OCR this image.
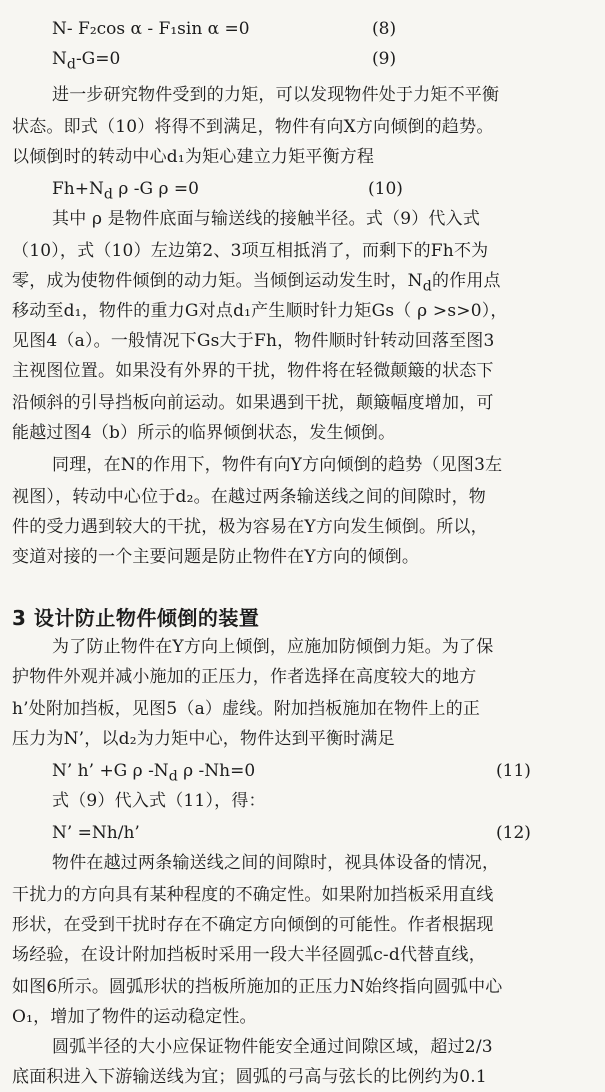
N- F₂cos α - F₁sin α =0	(8)
$N_d-G=0$	(9)
进一步研究物件受到的力矩，可以发现物件处于力矩不平衡
状态。即式（10）将得不到满足，物件有向X方向倾倒的趋势。
以倾倒时的转动中心d₁为矩心建立力矩平衡方程
$Fh+N_d$ ρ -G ρ =0	(10)
其中 ρ 是物件底面与输送线的接触半径。式（9）代入式
（10），式（10）左边第2、3项互相抵消了，而剩下的Fh不为
零，成为使物件倾倒的动力矩。当倾倒运动发生时，$N_d$的作用点
移动至d₁，物件的重力G对点d₁产生顺时针力矩Gs（ ρ >s>0），
见图4（a）。一般情况下Gs大于Fh，物件顺时针转动回落至图3
主视图位置。如果没有外界的干扰，物件将在轻微颠簸的状态下
沿倾斜的引导挡板向前运动。如果遇到干扰，颠簸幅度增加，可
能越过图4（b）所示的临界倾倒状态，发生倾倒。
同理，在N的作用下，物件有向Y方向倾倒的趋势（见图3左
视图），转动中心位于d₂。在越过两条输送线之间的间隙时，物
件的受力遇到较大的干扰，极为容易在Y方向发生倾倒。所以，
变道对接的一个主要问题是防止物件在Y方向的倾倒。
3 设计防止物件倾倒的装置
为了防止物件在Y方向上倾倒，应施加防倾倒力矩。为了保
护物件外观并减小施加的正压力，作者选择在高度较大的地方
h’处附加挡板，见图5（a）虚线。附加挡板施加在物件上的正
压力为N’，以d₂为力矩中心，物件达到平衡时满足
N’ h’ +G ρ $-N_d$ ρ -Nh=0	(11)
式（9）代入式（11），得：
N’ =Nh/h’	(12)
物件在越过两条输送线之间的间隙时，视具体设备的情况，
干扰力的方向具有某种程度的不确定性。如果附加挡板采用直线
形状，在受到干扰时存在不确定方向倾倒的可能性。作者根据现
场经验，在设计附加挡板时采用一段大半径圆弧c-d代替直线，
如图6所示。圆弧形状的挡板所施加的正压力N始终指向圆弧中心
O₁，增加了物件的运动稳定性。
圆弧半径的大小应保证物件能安全通过间隙区域，超过2/3
底面积进入下游输送线为宜；圆弧的弓高与弦长的比例约为0.1
